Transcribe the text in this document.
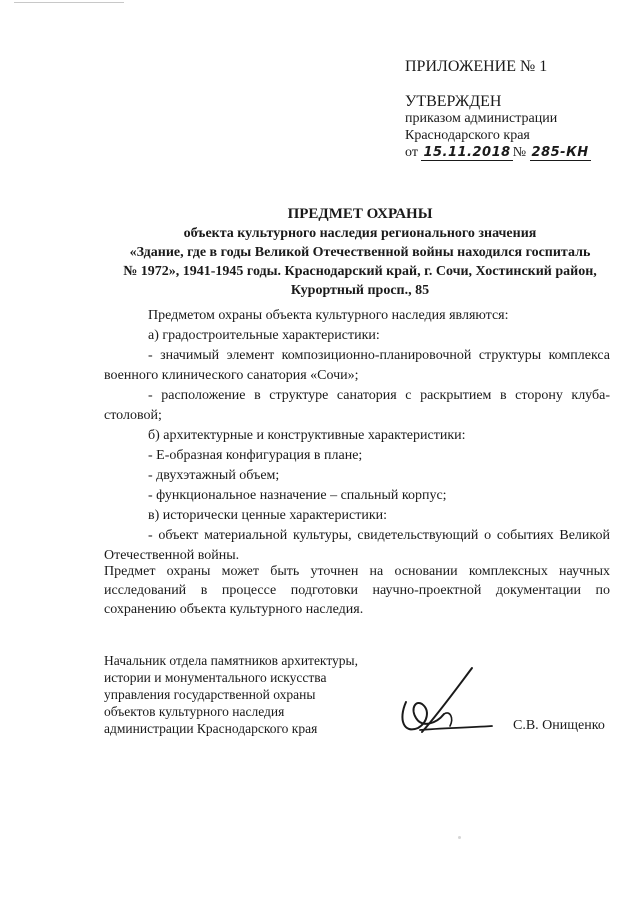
ПРИЛОЖЕНИЕ № 1
УТВЕРЖДЕН
приказом администрации
Краснодарского края
от 15.11.2018 № 285-КН
ПРЕДМЕТ ОХРАНЫ
объекта культурного наследия регионального значения
«Здание, где в годы Великой Отечественной войны находился госпиталь
№ 1972», 1941-1945 годы. Краснодарский край, г. Сочи, Хостинский район,
Курортный просп., 85

Предметом охраны объекта культурного наследия являются:

а) градостроительные характеристики:

- значимый элемент композиционно-планировочной структуры комплекса военного клинического санатория «Сочи»;

- расположение в структуре санатория с раскрытием в сторону клуба-столовой;

б) архитектурные и конструктивные характеристики:

- Е-образная конфигурация в плане;

- двухэтажный объем;

- функциональное назначение – спальный корпус;

в) исторически ценные характеристики:

- объект материальной культуры, свидетельствующий о событиях Великой Отечественной войны.

Предмет охраны может быть уточнен на основании комплексных научных исследований в процессе подготовки научно-проектной документации по сохранению объекта культурного наследия.
Начальник отдела памятников архитектуры,
истории и монументального искусства
управления государственной охраны
объектов культурного наследия
администрации Краснодарского края	С.В. Онищенко
